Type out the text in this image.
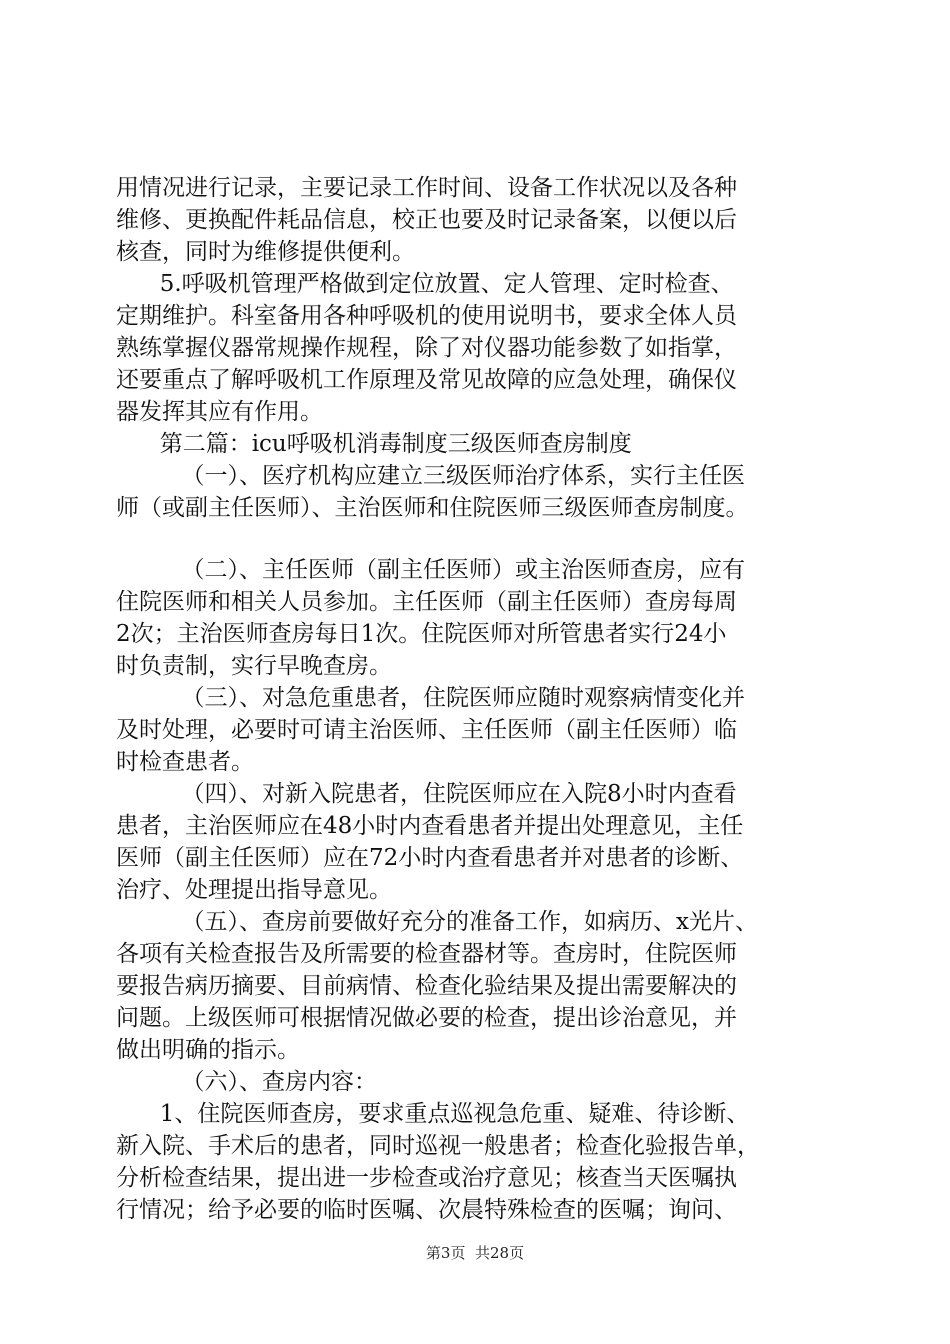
用情况进行记录，主要记录工作时间、设备工作状况以及各种
维修、更换配件耗品信息，校正也要及时记录备案，以便以后
核查，同时为维修提供便利。
5.呼吸机管理严格做到定位放置、定人管理、定时检查、
定期维护。科室备用各种呼吸机的使用说明书，要求全体人员
熟练掌握仪器常规操作规程，除了对仪器功能参数了如指掌，
还要重点了解呼吸机工作原理及常见故障的应急处理，确保仪
器发挥其应有作用。
第二篇：icu呼吸机消毒制度三级医师查房制度
（一）、医疗机构应建立三级医师治疗体系，实行主任医
师（或副主任医师）、主治医师和住院医师三级医师查房制度。
（二）、主任医师（副主任医师）或主治医师查房，应有
住院医师和相关人员参加。主任医师（副主任医师）查房每周
2次；主治医师查房每日1次。住院医师对所管患者实行24小
时负责制，实行早晚查房。
（三）、对急危重患者，住院医师应随时观察病情变化并
及时处理，必要时可请主治医师、主任医师（副主任医师）临
时检查患者。
（四）、对新入院患者，住院医师应在入院8小时内查看
患者，主治医师应在48小时内查看患者并提出处理意见，主任
医师（副主任医师）应在72小时内查看患者并对患者的诊断、
治疗、处理提出指导意见。
（五）、查房前要做好充分的准备工作，如病历、x光片、
各项有关检查报告及所需要的检查器材等。查房时，住院医师
要报告病历摘要、目前病情、检查化验结果及提出需要解决的
问题。上级医师可根据情况做必要的检查，提出诊治意见，并
做出明确的指示。
（六）、查房内容：
1、住院医师查房，要求重点巡视急危重、疑难、待诊断、
新入院、手术后的患者，同时巡视一般患者；检查化验报告单，
分析检查结果，提出进一步检查或治疗意见；核查当天医嘱执
行情况；给予必要的临时医嘱、次晨特殊检查的医嘱；询问、
第3页  共28页
